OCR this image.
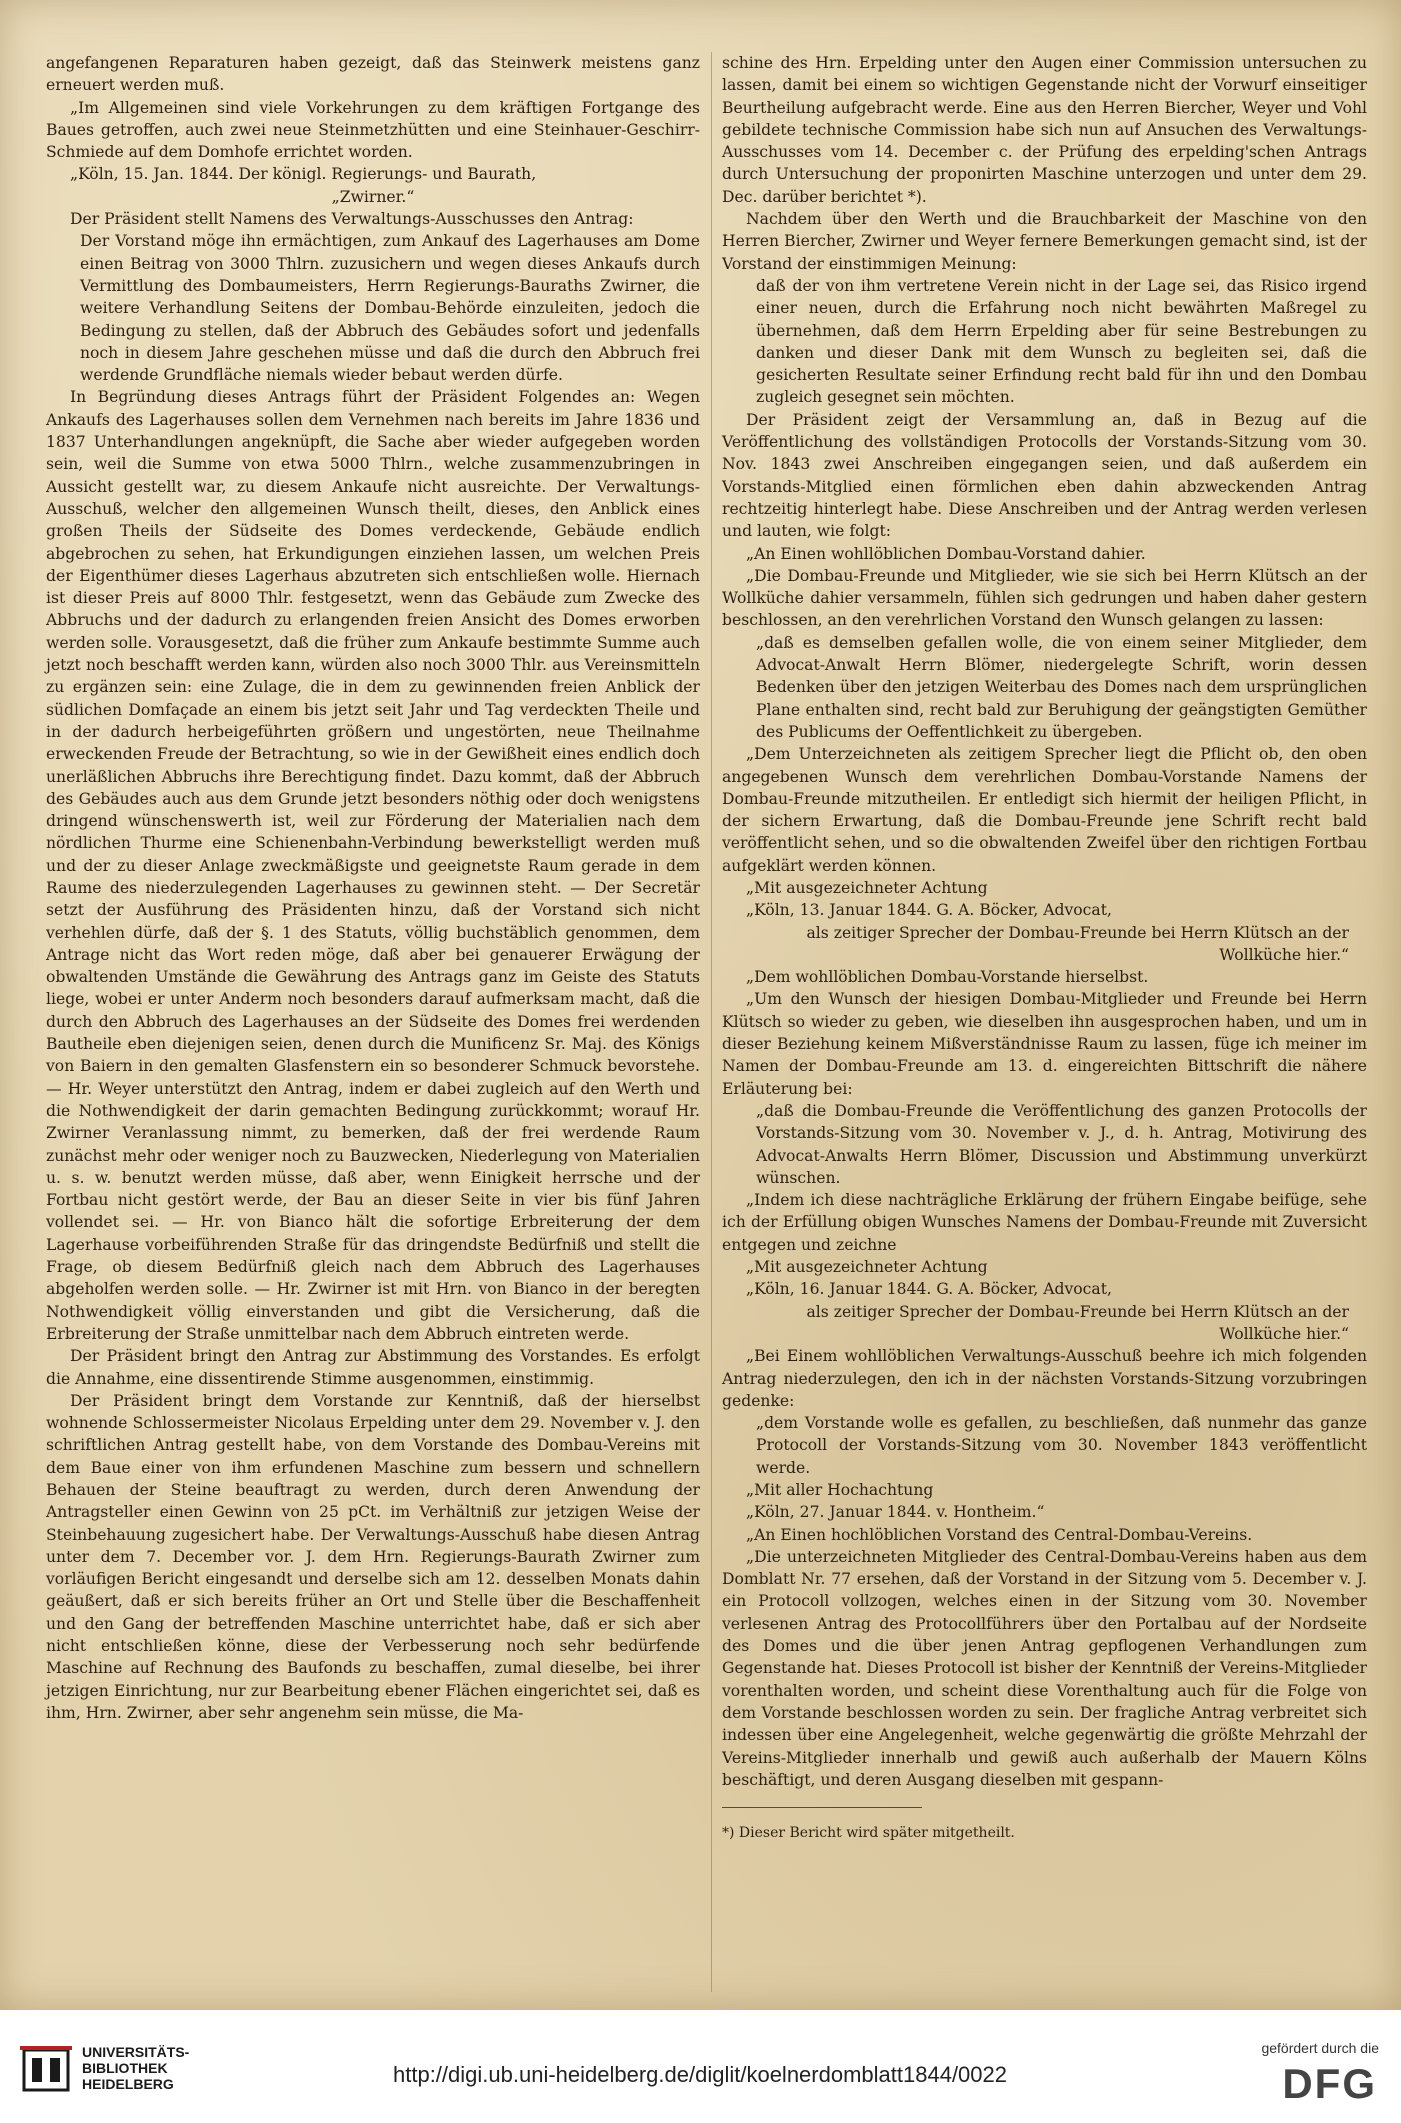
angefangenen Reparaturen haben gezeigt, daß das Steinwerk meistens ganz erneuert werden muß.

„Im Allgemeinen sind viele Vorkehrungen zu dem kräftigen Fortgange des Baues getroffen, auch zwei neue Steinmetzhütten und eine Steinhauer-Geschirr-Schmiede auf dem Domhofe errichtet worden.

„Köln, 15. Jan. 1844. Der königl. Regierungs- und Baurath,

„Zwirner.“

Der Präsident stellt Namens des Verwaltungs-Ausschusses den Antrag:

Der Vorstand möge ihn ermächtigen, zum Ankauf des Lagerhauses am Dome einen Beitrag von 3000 Thlrn. zuzusichern und wegen dieses Ankaufs durch Vermittlung des Dombaumeisters, Herrn Regierungs-Bauraths Zwirner, die weitere Verhandlung Seitens der Dombau-Behörde einzuleiten, jedoch die Bedingung zu stellen, daß der Abbruch des Gebäudes sofort und jedenfalls noch in diesem Jahre geschehen müsse und daß die durch den Abbruch frei werdende Grundfläche niemals wieder bebaut werden dürfe.

In Begründung dieses Antrags führt der Präsident Folgendes an: Wegen Ankaufs des Lagerhauses sollen dem Vernehmen nach bereits im Jahre 1836 und 1837 Unterhandlungen angeknüpft, die Sache aber wieder aufgegeben worden sein, weil die Summe von etwa 5000 Thlrn., welche zusammenzubringen in Aussicht gestellt war, zu diesem Ankaufe nicht ausreichte. Der Verwaltungs-Ausschuß, welcher den allgemeinen Wunsch theilt, dieses, den Anblick eines großen Theils der Südseite des Domes verdeckende, Gebäude endlich abgebrochen zu sehen, hat Erkundigungen einziehen lassen, um welchen Preis der Eigenthümer dieses Lagerhaus abzutreten sich entschließen wolle. Hiernach ist dieser Preis auf 8000 Thlr. festgesetzt, wenn das Gebäude zum Zwecke des Abbruchs und der dadurch zu erlangenden freien Ansicht des Domes erworben werden solle. Vorausgesetzt, daß die früher zum Ankaufe bestimmte Summe auch jetzt noch beschafft werden kann, würden also noch 3000 Thlr. aus Vereinsmitteln zu ergänzen sein: eine Zulage, die in dem zu gewinnenden freien Anblick der südlichen Domfaçade an einem bis jetzt seit Jahr und Tag verdeckten Theile und in der dadurch herbeigeführten größern und ungestörten, neue Theilnahme erweckenden Freude der Betrachtung, so wie in der Gewißheit eines endlich doch unerläßlichen Abbruchs ihre Berechtigung findet. Dazu kommt, daß der Abbruch des Gebäudes auch aus dem Grunde jetzt besonders nöthig oder doch wenigstens dringend wünschenswerth ist, weil zur Förderung der Materialien nach dem nördlichen Thurme eine Schienenbahn-Verbindung bewerkstelligt werden muß und der zu dieser Anlage zweckmäßigste und geeignetste Raum gerade in dem Raume des niederzulegenden Lagerhauses zu gewinnen steht. — Der Secretär setzt der Ausführung des Präsidenten hinzu, daß der Vorstand sich nicht verhehlen dürfe, daß der §. 1 des Statuts, völlig buchstäblich genommen, dem Antrage nicht das Wort reden möge, daß aber bei genauerer Erwägung der obwaltenden Umstände die Gewährung des Antrags ganz im Geiste des Statuts liege, wobei er unter Anderm noch besonders darauf aufmerksam macht, daß die durch den Abbruch des Lagerhauses an der Südseite des Domes frei werdenden Bautheile eben diejenigen seien, denen durch die Munificenz Sr. Maj. des Königs von Baiern in den gemalten Glasfenstern ein so besonderer Schmuck bevorstehe. — Hr. Weyer unterstützt den Antrag, indem er dabei zugleich auf den Werth und die Nothwendigkeit der darin gemachten Bedingung zurückkommt; worauf Hr. Zwirner Veranlassung nimmt, zu bemerken, daß der frei werdende Raum zunächst mehr oder weniger noch zu Bauzwecken, Niederlegung von Materialien u. s. w. benutzt werden müsse, daß aber, wenn Einigkeit herrsche und der Fortbau nicht gestört werde, der Bau an dieser Seite in vier bis fünf Jahren vollendet sei. — Hr. von Bianco hält die sofortige Erbreiterung der dem Lagerhause vorbeiführenden Straße für das dringendste Bedürfniß und stellt die Frage, ob diesem Bedürfniß gleich nach dem Abbruch des Lagerhauses abgeholfen werden solle. — Hr. Zwirner ist mit Hrn. von Bianco in der beregten Nothwendigkeit völlig einverstanden und gibt die Versicherung, daß die Erbreiterung der Straße unmittelbar nach dem Abbruch eintreten werde.

Der Präsident bringt den Antrag zur Abstimmung des Vorstandes. Es erfolgt die Annahme, eine dissentirende Stimme ausgenommen, einstimmig.

Der Präsident bringt dem Vorstande zur Kenntniß, daß der hierselbst wohnende Schlossermeister Nicolaus Erpelding unter dem 29. November v. J. den schriftlichen Antrag gestellt habe, von dem Vorstande des Dombau-Vereins mit dem Baue einer von ihm erfundenen Maschine zum bessern und schnellern Behauen der Steine beauftragt zu werden, durch deren Anwendung der Antragsteller einen Gewinn von 25 pCt. im Verhältniß zur jetzigen Weise der Steinbehauung zugesichert habe. Der Verwaltungs-Ausschuß habe diesen Antrag unter dem 7. December vor. J. dem Hrn. Regierungs-Baurath Zwirner zum vorläufigen Bericht eingesandt und derselbe sich am 12. desselben Monats dahin geäußert, daß er sich bereits früher an Ort und Stelle über die Beschaffenheit und den Gang der betreffenden Maschine unterrichtet habe, daß er sich aber nicht entschließen könne, diese der Verbesserung noch sehr bedürfende Maschine auf Rechnung des Baufonds zu beschaffen, zumal dieselbe, bei ihrer jetzigen Einrichtung, nur zur Bearbeitung ebener Flächen eingerichtet sei, daß es ihm, Hrn. Zwirner, aber sehr angenehm sein müsse, die Ma-

schine des Hrn. Erpelding unter den Augen einer Commission untersuchen zu lassen, damit bei einem so wichtigen Gegenstande nicht der Vorwurf einseitiger Beurtheilung aufgebracht werde. Eine aus den Herren Biercher, Weyer und Vohl gebildete technische Commission habe sich nun auf Ansuchen des Verwaltungs-Ausschusses vom 14. December c. der Prüfung des erpelding'schen Antrags durch Untersuchung der proponirten Maschine unterzogen und unter dem 29. Dec. darüber berichtet *).

Nachdem über den Werth und die Brauchbarkeit der Maschine von den Herren Biercher, Zwirner und Weyer fernere Bemerkungen gemacht sind, ist der Vorstand der einstimmigen Meinung:

daß der von ihm vertretene Verein nicht in der Lage sei, das Risico irgend einer neuen, durch die Erfahrung noch nicht bewährten Maßregel zu übernehmen, daß dem Herrn Erpelding aber für seine Bestrebungen zu danken und dieser Dank mit dem Wunsch zu begleiten sei, daß die gesicherten Resultate seiner Erfindung recht bald für ihn und den Dombau zugleich gesegnet sein möchten.

Der Präsident zeigt der Versammlung an, daß in Bezug auf die Veröffentlichung des vollständigen Protocolls der Vorstands-Sitzung vom 30. Nov. 1843 zwei Anschreiben eingegangen seien, und daß außerdem ein Vorstands-Mitglied einen förmlichen eben dahin abzweckenden Antrag rechtzeitig hinterlegt habe. Diese Anschreiben und der Antrag werden verlesen und lauten, wie folgt:

„An Einen wohllöblichen Dombau-Vorstand dahier.

„Die Dombau-Freunde und Mitglieder, wie sie sich bei Herrn Klütsch an der Wollküche dahier versammeln, fühlen sich gedrungen und haben daher gestern beschlossen, an den verehrlichen Vorstand den Wunsch gelangen zu lassen:

„daß es demselben gefallen wolle, die von einem seiner Mitglieder, dem Advocat-Anwalt Herrn Blömer, niedergelegte Schrift, worin dessen Bedenken über den jetzigen Weiterbau des Domes nach dem ursprünglichen Plane enthalten sind, recht bald zur Beruhigung der geängstigten Gemüther des Publicums der Oeffentlichkeit zu übergeben.

„Dem Unterzeichneten als zeitigem Sprecher liegt die Pflicht ob, den oben angegebenen Wunsch dem verehrlichen Dombau-Vorstande Namens der Dombau-Freunde mitzutheilen. Er entledigt sich hiermit der heiligen Pflicht, in der sichern Erwartung, daß die Dombau-Freunde jene Schrift recht bald veröffentlicht sehen, und so die obwaltenden Zweifel über den richtigen Fortbau aufgeklärt werden können.

„Mit ausgezeichneter Achtung

„Köln, 13. Januar 1844. G. A. Böcker, Advocat,

als zeitiger Sprecher der Dombau-Freunde bei Herrn Klütsch an der Wollküche hier.“

„Dem wohllöblichen Dombau-Vorstande hierselbst.

„Um den Wunsch der hiesigen Dombau-Mitglieder und Freunde bei Herrn Klütsch so wieder zu geben, wie dieselben ihn ausgesprochen haben, und um in dieser Beziehung keinem Mißverständnisse Raum zu lassen, füge ich meiner im Namen der Dombau-Freunde am 13. d. eingereichten Bittschrift die nähere Erläuterung bei:

„daß die Dombau-Freunde die Veröffentlichung des ganzen Protocolls der Vorstands-Sitzung vom 30. November v. J., d. h. Antrag, Motivirung des Advocat-Anwalts Herrn Blömer, Discussion und Abstimmung unverkürzt wünschen.

„Indem ich diese nachträgliche Erklärung der frühern Eingabe beifüge, sehe ich der Erfüllung obigen Wunsches Namens der Dombau-Freunde mit Zuversicht entgegen und zeichne

„Mit ausgezeichneter Achtung

„Köln, 16. Januar 1844. G. A. Böcker, Advocat,

als zeitiger Sprecher der Dombau-Freunde bei Herrn Klütsch an der Wollküche hier.“

„Bei Einem wohllöblichen Verwaltungs-Ausschuß beehre ich mich folgenden Antrag niederzulegen, den ich in der nächsten Vorstands-Sitzung vorzubringen gedenke:

„dem Vorstande wolle es gefallen, zu beschließen, daß nunmehr das ganze Protocoll der Vorstands-Sitzung vom 30. November 1843 veröffentlicht werde.

„Mit aller Hochachtung

„Köln, 27. Januar 1844. v. Hontheim.“

„An Einen hochlöblichen Vorstand des Central-Dombau-Vereins.

„Die unterzeichneten Mitglieder des Central-Dombau-Vereins haben aus dem Domblatt Nr. 77 ersehen, daß der Vorstand in der Sitzung vom 5. December v. J. ein Protocoll vollzogen, welches einen in der Sitzung vom 30. November verlesenen Antrag des Protocollführers über den Portalbau auf der Nordseite des Domes und die über jenen Antrag gepflogenen Verhandlungen zum Gegenstande hat. Dieses Protocoll ist bisher der Kenntniß der Vereins-Mitglieder vorenthalten worden, und scheint diese Vorenthaltung auch für die Folge von dem Vorstande beschlossen worden zu sein. Der fragliche Antrag verbreitet sich indessen über eine Angelegenheit, welche gegenwärtig die größte Mehrzahl der Vereins-Mitglieder innerhalb und gewiß auch außerhalb der Mauern Kölns beschäftigt, und deren Ausgang dieselben mit gespann-

*) Dieser Bericht wird später mitgetheilt.

UNIVERSITÄTS-
BIBLIOTHEK
HEIDELBERG	http://digi.ub.uni-heidelberg.de/diglit/koelnerdomblatt1844/0022
gefördert durch die
DFG
